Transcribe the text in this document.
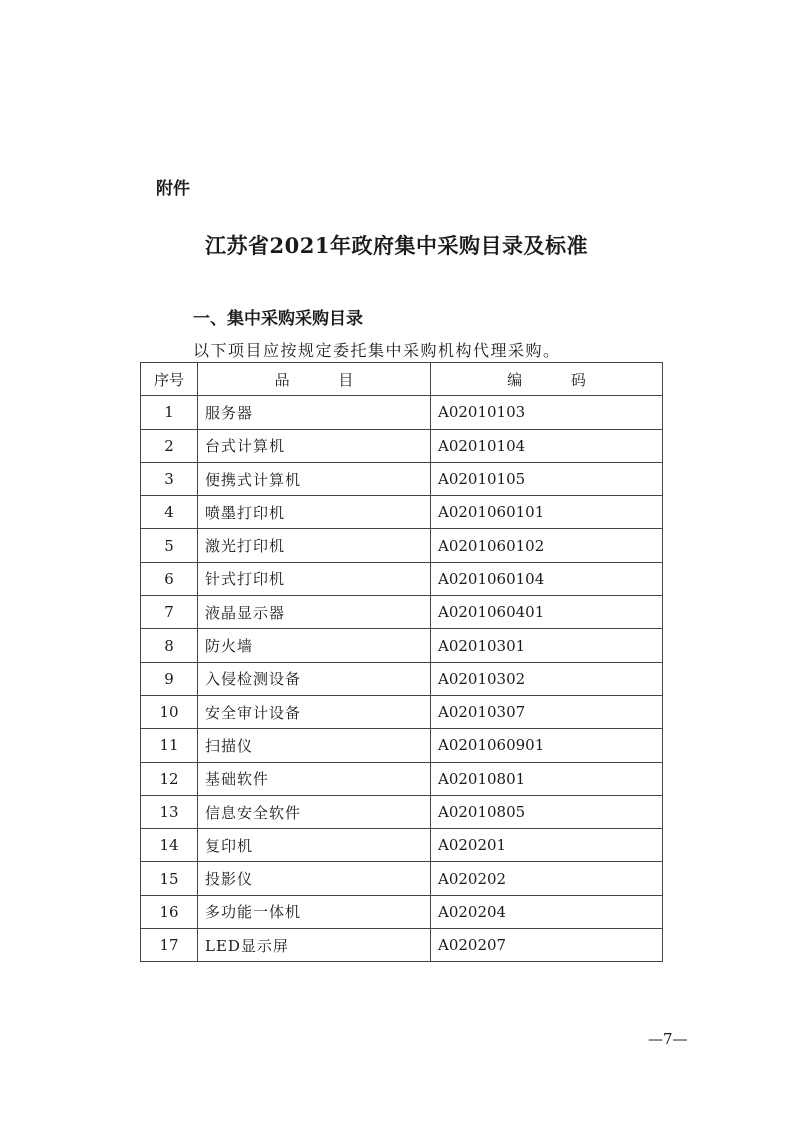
附件
江苏省2021年政府集中采购目录及标准
一、集中采购采购目录
以下项目应按规定委托集中采购机构代理采购。
序号	品 目	编 码
1	服务器	A02010103
2	台式计算机	A02010104
3	便携式计算机	A02010105
4	喷墨打印机	A0201060101
5	激光打印机	A0201060102
6	针式打印机	A0201060104
7	液晶显示器	A0201060401
8	防火墙	A02010301
9	入侵检测设备	A02010302
10	安全审计设备	A02010307
11	扫描仪	A0201060901
12	基础软件	A02010801
13	信息安全软件	A02010805
14	复印机	A020201
15	投影仪	A020202
16	多功能一体机	A020204
17	LED显示屏	A020207
—7—
